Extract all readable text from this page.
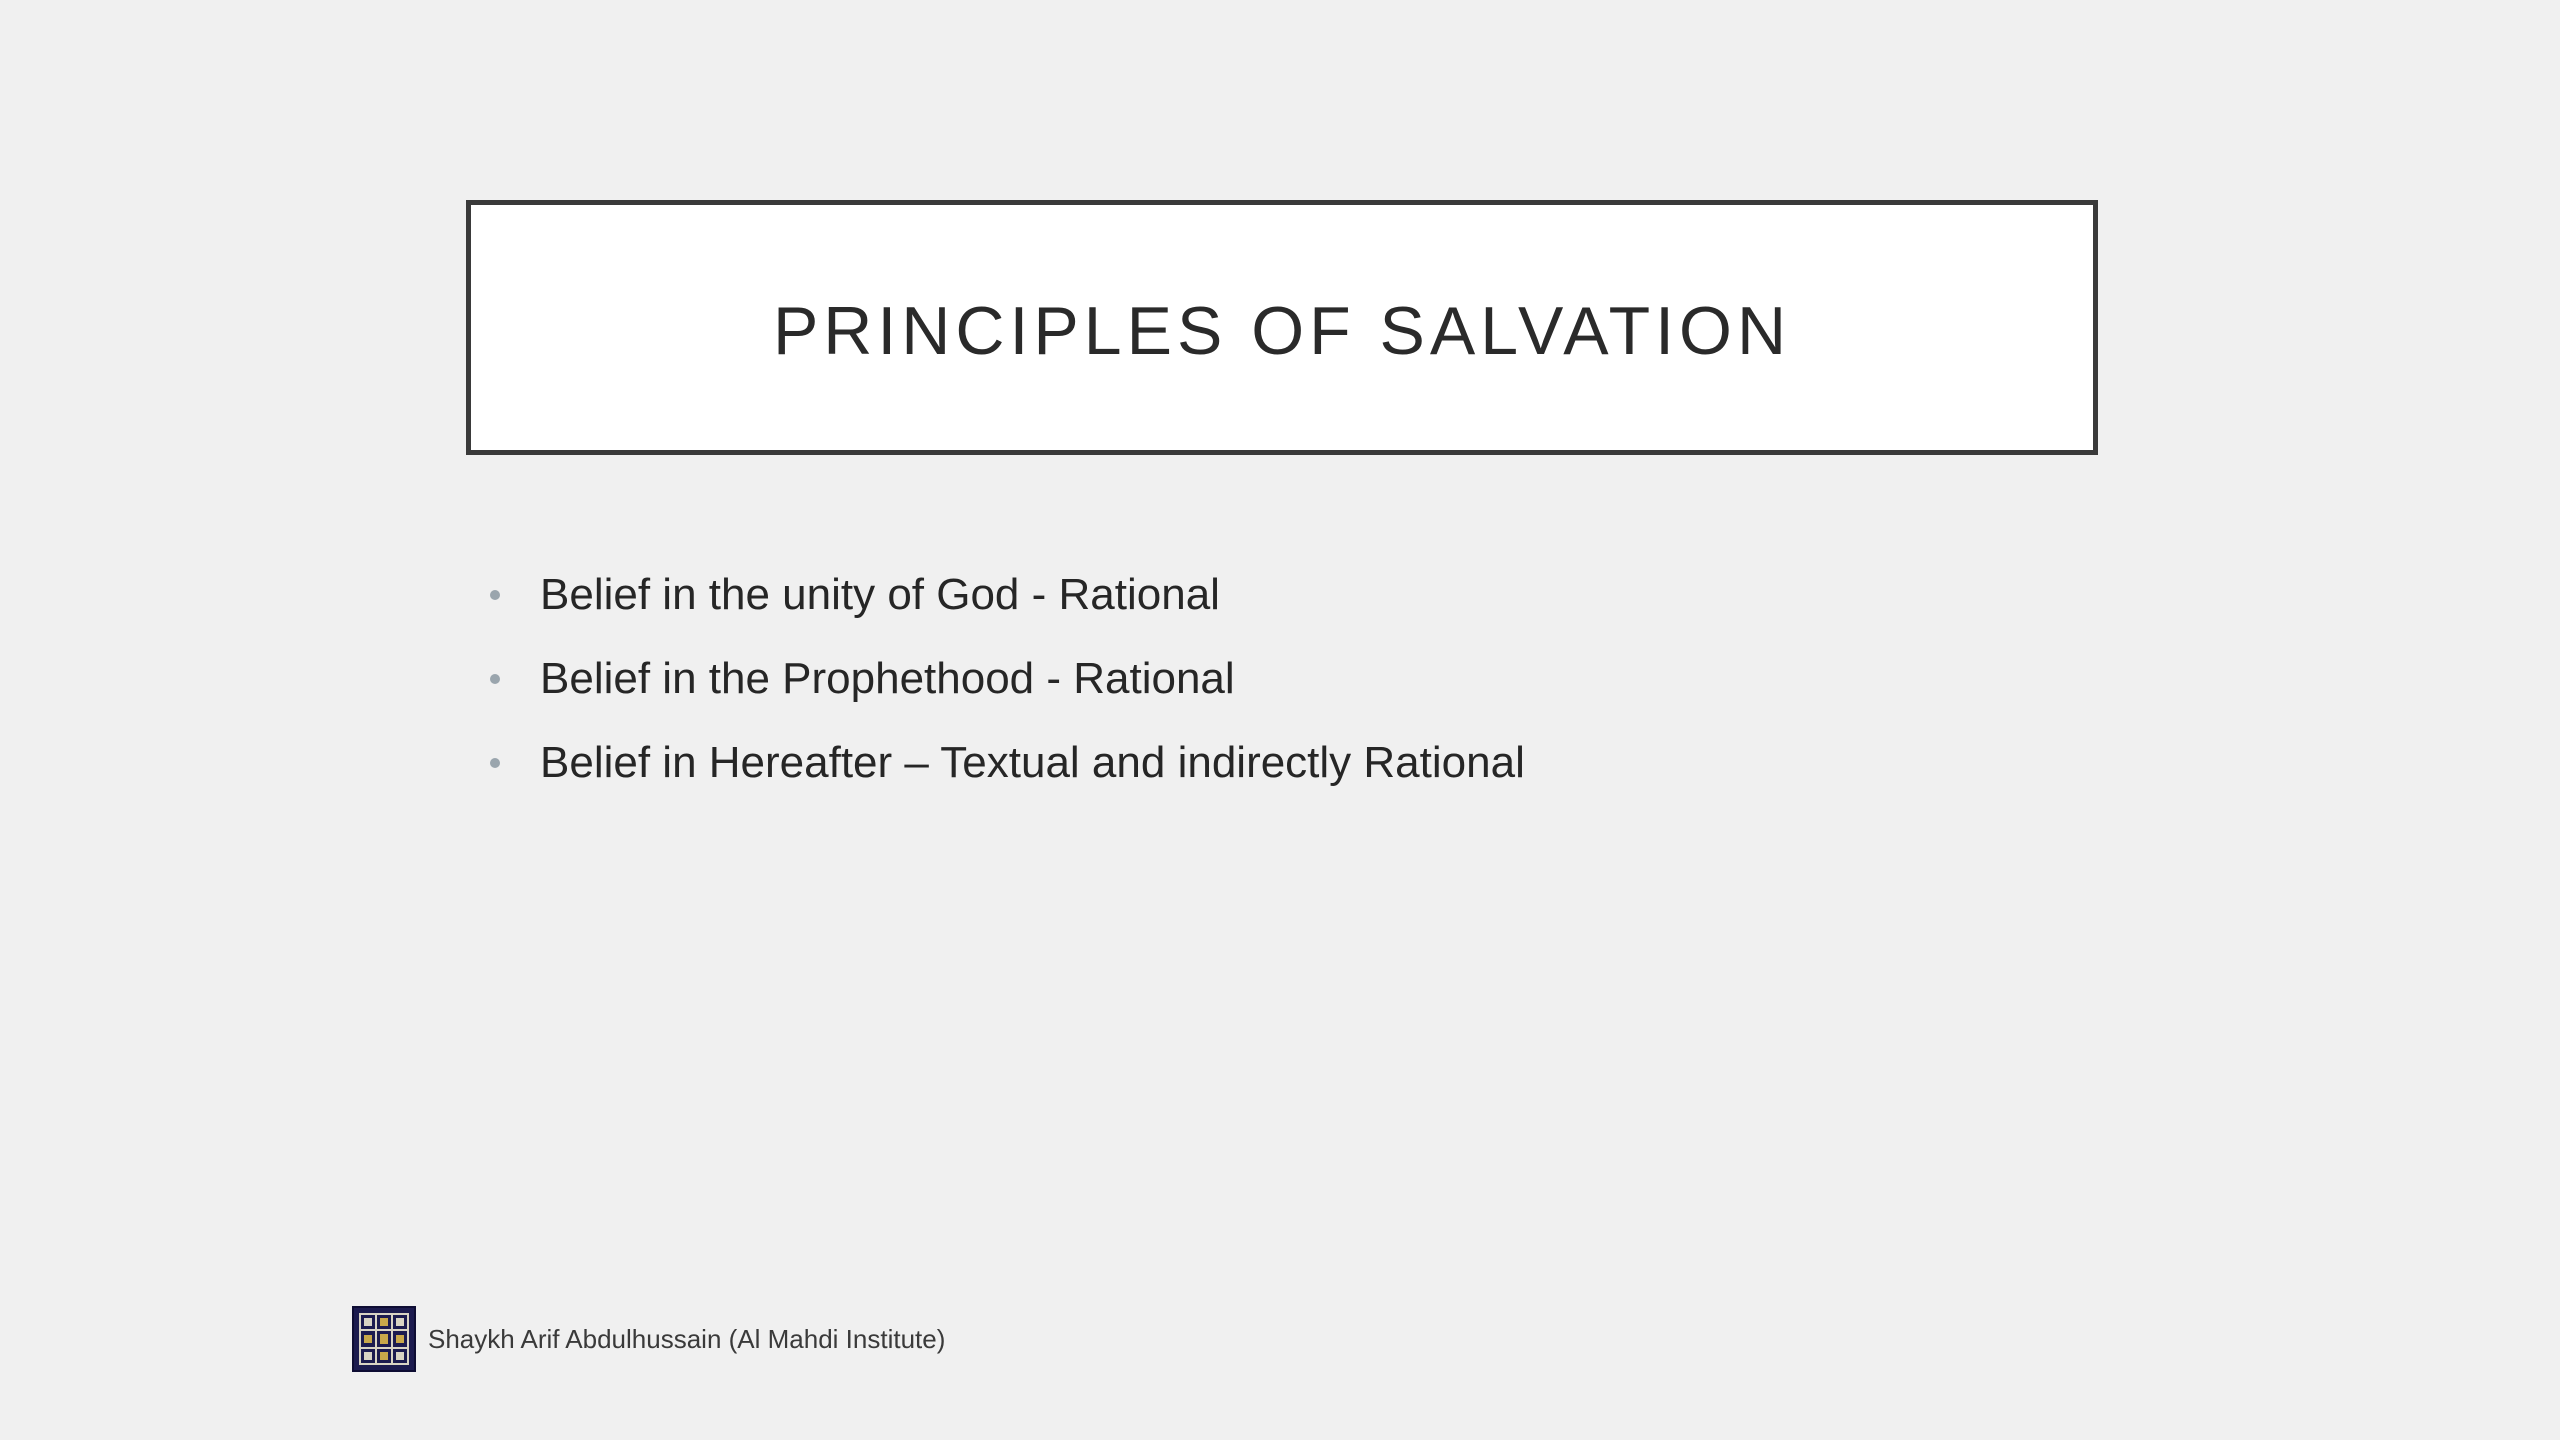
PRINCIPLES OF SALVATION
Belief in the unity of God - Rational
Belief in the Prophethood - Rational
Belief in Hereafter – Textual and indirectly Rational
Shaykh Arif Abdulhussain (Al Mahdi Institute)
